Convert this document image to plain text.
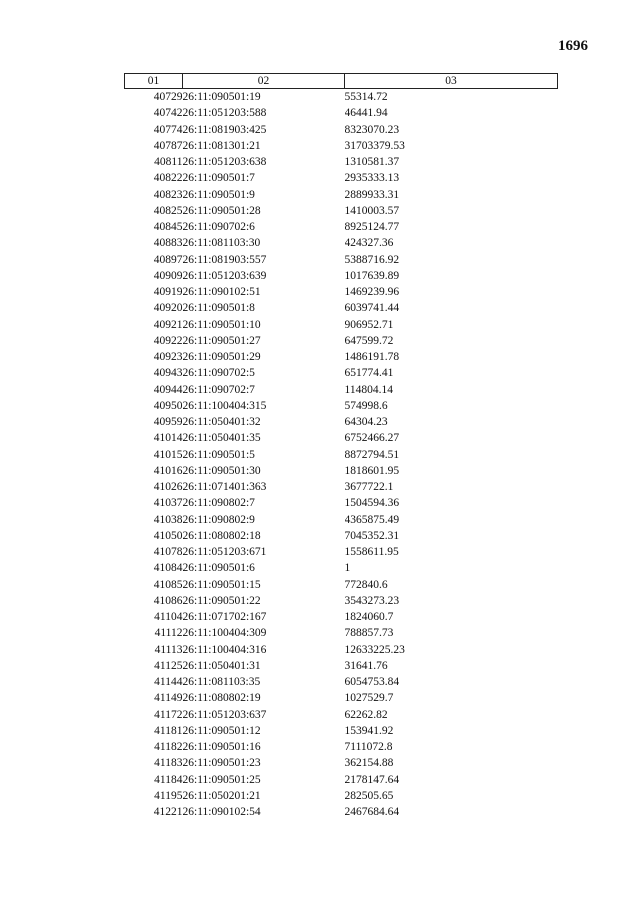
1696
01	02	03
40729	26:11:090501:19	55314.72
40742	26:11:051203:588	46441.94
40774	26:11:081903:425	8323070.23
40787	26:11:081301:21	31703379.53
40811	26:11:051203:638	1310581.37
40822	26:11:090501:7	2935333.13
40823	26:11:090501:9	2889933.31
40825	26:11:090501:28	1410003.57
40845	26:11:090702:6	8925124.77
40883	26:11:081103:30	424327.36
40897	26:11:081903:557	5388716.92
40909	26:11:051203:639	1017639.89
40919	26:11:090102:51	1469239.96
40920	26:11:090501:8	6039741.44
40921	26:11:090501:10	906952.71
40922	26:11:090501:27	647599.72
40923	26:11:090501:29	1486191.78
40943	26:11:090702:5	651774.41
40944	26:11:090702:7	114804.14
40950	26:11:100404:315	574998.6
40959	26:11:050401:32	64304.23
41014	26:11:050401:35	6752466.27
41015	26:11:090501:5	8872794.51
41016	26:11:090501:30	1818601.95
41026	26:11:071401:363	3677722.1
41037	26:11:090802:7	1504594.36
41038	26:11:090802:9	4365875.49
41050	26:11:080802:18	7045352.31
41078	26:11:051203:671	1558611.95
41084	26:11:090501:6	1
41085	26:11:090501:15	772840.6
41086	26:11:090501:22	3543273.23
41104	26:11:071702:167	1824060.7
41112	26:11:100404:309	788857.73
41113	26:11:100404:316	12633225.23
41125	26:11:050401:31	31641.76
41144	26:11:081103:35	6054753.84
41149	26:11:080802:19	1027529.7
41172	26:11:051203:637	62262.82
41181	26:11:090501:12	153941.92
41182	26:11:090501:16	7111072.8
41183	26:11:090501:23	362154.88
41184	26:11:090501:25	2178147.64
41195	26:11:050201:21	282505.65
41221	26:11:090102:54	2467684.64
